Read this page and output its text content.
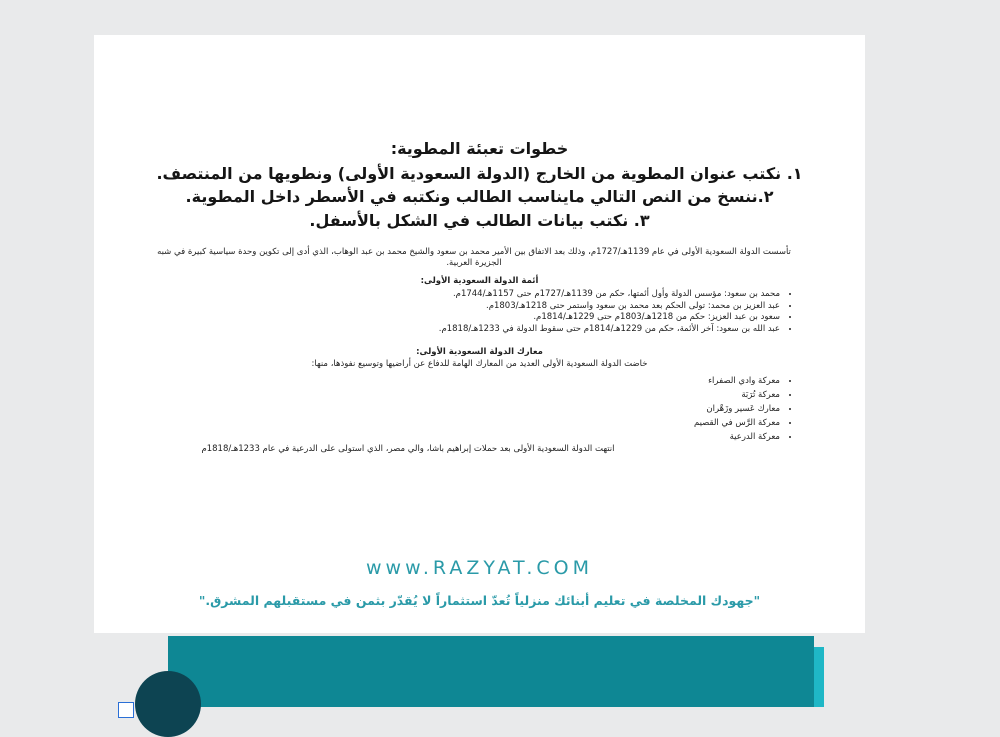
خطوات تعبئة المطوية:
١. نكتب عنوان المطوية من الخارج (الدولة السعودية الأولى) ونطويها من المنتصف.
٢.ننسخ من النص التالي مايناسب الطالب ونكتبه في الأسطر داخل المطوية.
٣. نكتب بيانات الطالب في الشكل بالأسفل.
تأسست الدولة السعودية الأولى في عام 1139هـ/1727م، وذلك بعد الاتفاق بين الأمير محمد بن سعود والشيخ محمد بن عبد الوهاب، الذي أدى إلى تكوين وحدة سياسية كبيرة في شبه الجزيرة العربية.
أئمة الدولة السعودية الأولى:
• محمد بن سعود: مؤسس الدولة وأول أئمتها، حكم من 1139هـ/1727م حتى 1157هـ/1744م.
• عبد العزيز بن محمد: تولى الحكم بعد محمد بن سعود واستمر حتى 1218هـ/1803م.
• سعود بن عبد العزيز: حكم من 1218هـ/1803م حتى 1229هـ/1814م.
• عبد الله بن سعود: آخر الأئمة، حكم من 1229هـ/1814م حتى سقوط الدولة في 1233هـ/1818م.
معارك الدولة السعودية الأولى:
خاضت الدولة السعودية الأولى العديد من المعارك الهامة للدفاع عن أراضيها وتوسيع نفوذها، منها:
• معركة وادي الصفراء
• معركة تُرَبَة
• معارك عَسير وزَهْران
• معركة الرَّس في القصيم
• معركة الدرعية
انتهت الدولة السعودية الأولى بعد حملات إبراهيم باشا، والي مصر، الذي استولى على الدرعية في عام 1233هـ/1818م
www.RAZYAT.COM
"جهودك المخلصة في تعليم أبنائك منزلياً تُعدّ استثماراً لا يُقدّر بثمن في مستقبلهم المشرق."
